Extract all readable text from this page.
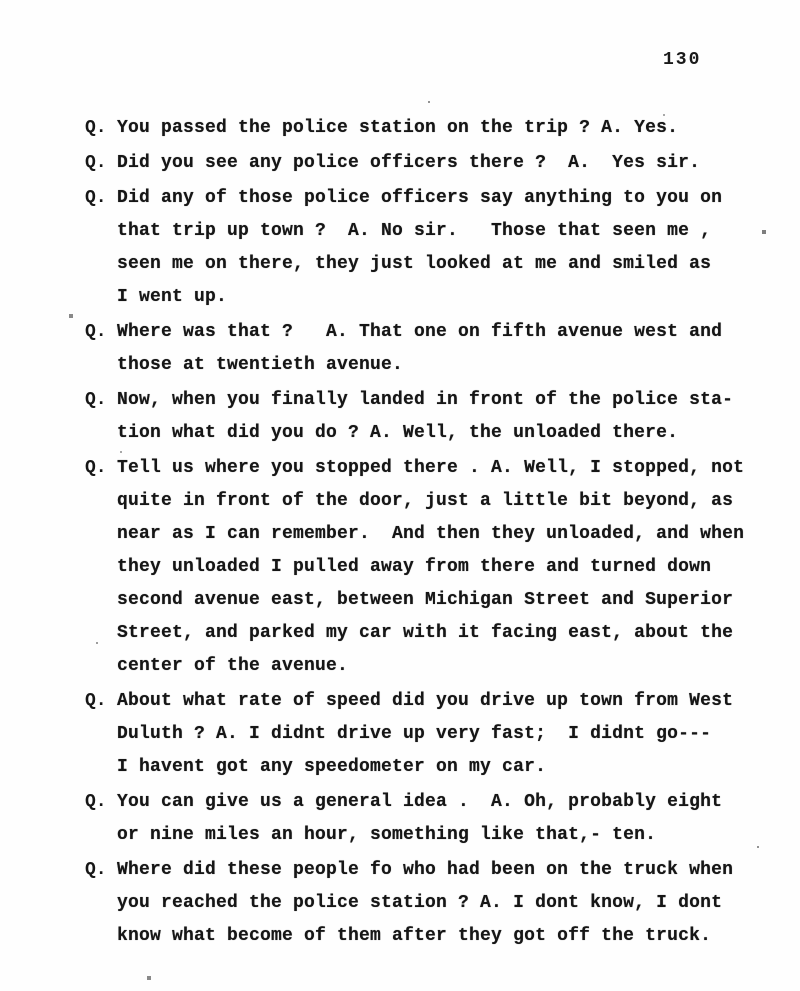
130
Q. You passed the police station on the trip ? A. Yes.
Q. Did you see any police officers there ?  A.  Yes sir.
Q. Did any of those police officers say anything to you on
that trip up town ?  A. No sir.   Those that seen me ,
seen me on there, they just looked at me and smiled as
I went up.
Q. Where was that ?   A. That one on fifth avenue west and
those at twentieth avenue.
Q. Now, when you finally landed in front of the police sta-
tion what did you do ? A. Well, the unloaded there.
Q. Tell us where you stopped there . A. Well, I stopped, not
quite in front of the door, just a little bit beyond, as
near as I can remember.  And then they unloaded, and when
they unloaded I pulled away from there and turned down
second avenue east, between Michigan Street and Superior
Street, and parked my car with it facing east, about the
center of the avenue.
Q. About what rate of speed did you drive up town from West
Duluth ? A. I didnt drive up very fast;  I didnt go---
I havent got any speedometer on my car.
Q. You can give us a general idea .  A. Oh, probably eight
or nine miles an hour, something like that,- ten.
Q. Where did these people fo who had been on the truck when
you reached the police station ? A. I dont know, I dont
know what become of them after they got off the truck.
